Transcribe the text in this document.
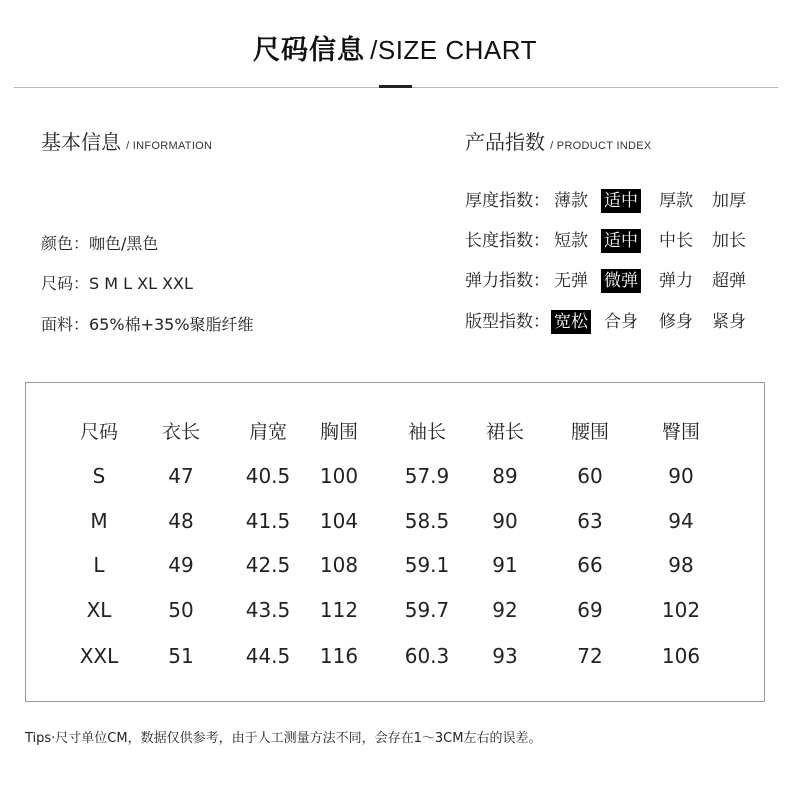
尺码信息 /SIZE CHART
基本信息 / INFORMATION	产品指数 / PRODUCT INDEX
颜色：咖色/黑色
尺码：S M L XL XXL
面料：65%棉+35%聚脂纤维
厚度指数： 薄款 适中 厚款 加厚
长度指数： 短款 适中 中长 加长
弹力指数： 无弹 微弹 弹力 超弹
版型指数： 宽松 合身 修身 紧身
尺码	衣长	肩宽	胸围	袖长	裙长	腰围	臀围
S	47	40.5	100	57.9	89	60	90
M	48	41.5	104	58.5	90	63	94
L	49	42.5	108	59.1	91	66	98
XL	50	43.5	112	59.7	92	69	102
XXL	51	44.5	116	60.3	93	72	106
Tips·尺寸单位CM，数据仅供参考，由于人工测量方法不同，会存在1～3CM左右的误差。
